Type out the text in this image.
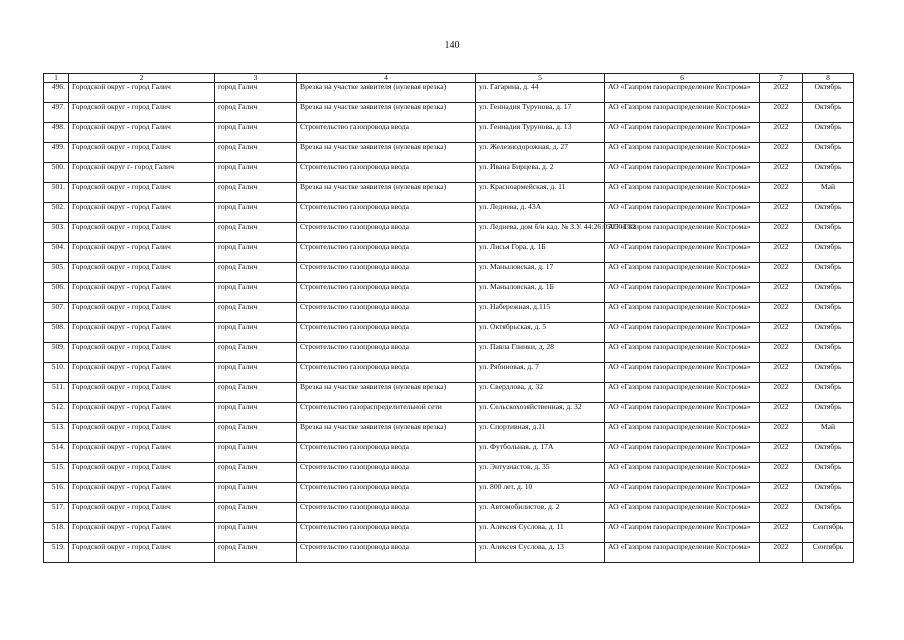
140
1	2	3	4	5	6	7	8
496.	Городской округ - город Галич	город Галич	Врезка на участке заявителя (нулевая врезка)	ул. Гагарина, д. 44	АО «Газпром газораспределение Кострома»	2022	Октябрь
497.	Городской округ - город Галич	город Галич	Врезка на участке заявителя (нулевая врезка)	ул. Геннадия Турунова, д. 17	АО «Газпром газораспределение Кострома»	2022	Октябрь
498.	Городской округ - город Галич	город Галич	Строительство газопровода ввода	ул. Геннадия Турунова, д. 13	АО «Газпром газораспределение Кострома»	2022	Октябрь
499.	Городской округ - город Галич	город Галич	Врезка на участке заявителя (нулевая врезка)	ул. Железнодорожная, д. 27	АО «Газпром газораспределение Кострома»	2022	Октябрь
500.	Городской округ г- город Галич	город Галич	Строительство газопровода ввода	ул. Ивана Бирцева, д. 2	АО «Газпром газораспределение Кострома»	2022	Октябрь
501.	Городской округ - город Галич	город Галич	Врезка на участке заявителя (нулевая врезка)	ул. Красноармейская, д. 11	АО «Газпром газораспределение Кострома»	2022	Май
502.	Городской округ - город Галич	город Галич	Строительство газопровода ввода	ул. Леднева, д. 43А	АО «Газпром газораспределение Кострома»	2022	Октябрь
503.	Городской округ - город Галич	город Галич	Строительство газопровода ввода	ул. Леднева, дом б/н кад. № З.У. 44:26:050501:82	АО «Газпром газораспределение Кострома»	2022	Октябрь
504.	Городской округ - город Галич	город Галич	Строительство газопровода ввода	ул. Лисья Гора, д. 1Б	АО «Газпром газораспределение Кострома»	2022	Октябрь
505.	Городской округ - город Галич	город Галич	Строительство газопровода ввода	ул. Маныловская, д. 17	АО «Газпром газораспределение Кострома»	2022	Октябрь
506.	Городской округ - город Галич	город Галич	Строительство газопровода ввода	ул. Маныловская, д. 1Б	АО «Газпром газораспределение Кострома»	2022	Октябрь
507.	Городской округ - город Галич	город Галич	Строительство газопровода ввода	ул. Набережная, д.115	АО «Газпром газораспределение Кострома»	2022	Октябрь
508.	Городской округ - город Галич	город Галич	Строительство газопровода ввода	ул. Октябрьская, д. 5	АО «Газпром газораспределение Кострома»	2022	Октябрь
509.	Городской округ - город Галич	город Галич	Строительство газопровода ввода	ул. Павла Глинки, д. 28	АО «Газпром газораспределение Кострома»	2022	Октябрь
510.	Городской округ - город Галич	город Галич	Строительство газопровода ввода	ул. Рябиновая, д. 7	АО «Газпром газораспределение Кострома»	2022	Октябрь
511.	Городской округ - город Галич	город Галич	Врезка на участке заявителя (нулевая врезка)	ул. Свердлова, д. 32	АО «Газпром газораспределение Кострома»	2022	Октябрь
512.	Городской округ - город Галич	город Галич	Строительство газораспределительной сети	ул. Сельскохозяйственная, д. 32	АО «Газпром газораспределение Кострома»	2022	Октябрь
513.	Городской округ - город Галич	город Галич	Врезка на участке заявителя (нулевая врезка)	ул. Спортивная, д.11	АО «Газпром газораспределение Кострома»	2022	Май
514.	Городской округ - город Галич	город Галич	Строительство газопровода ввода	ул. Футбольная, д. 17А	АО «Газпром газораспределение Кострома»	2022	Октябрь
515.	Городской округ - город Галич	город Галич	Строительство газопровода ввода	ул. Энтузиастов, д. 35	АО «Газпром газораспределение Кострома»	2022	Октябрь
516.	Городской округ - город Галич	город Галич	Строительство газопровода ввода	ул. 800 лет, д. 10	АО «Газпром газораспределение Кострома»	2022	Октябрь
517.	Городской округ - город Галич	город Галич	Строительство газопровода ввода	ул. Автомобилистов, д. 2	АО «Газпром газораспределение Кострома»	2022	Октябрь
518.	Городской округ - город Галич	город Галич	Строительство газопровода ввода	ул. Алексея Суслова, д. 11	АО «Газпром газораспределение Кострома»	2022	Сентябрь
519.	Городской округ - город Галич	город Галич	Строительство газопровода ввода	ул. Алексея Суслова, д. 13	АО «Газпром газораспределение Кострома»	2022	Сентябрь
